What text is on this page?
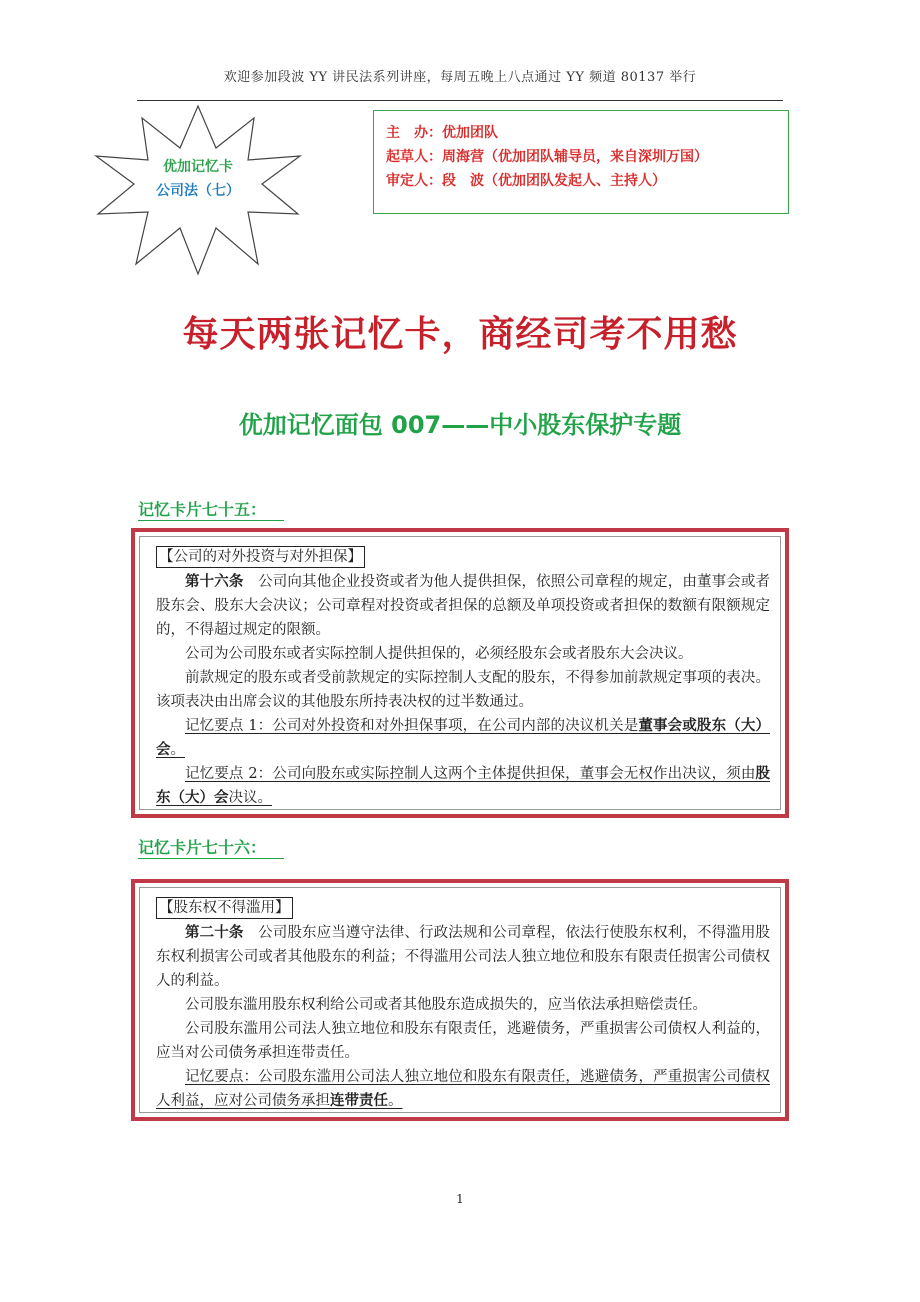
欢迎参加段波 YY 讲民法系列讲座，每周五晚上八点通过 YY 频道 80137 举行
优加记忆卡
公司法（七）
主　办：优加团队
起草人：周海营（优加团队辅导员，来自深圳万国）
审定人：段　波（优加团队发起人、主持人）
每天两张记忆卡，商经司考不用愁
优加记忆面包 007——中小股东保护专题
记忆卡片七十五：
【公司的对外投资与对外担保】

第十六条　公司向其他企业投资或者为他人提供担保，依照公司章程的规定，由董事会或者股东会、股东大会决议；公司章程对投资或者担保的总额及单项投资或者担保的数额有限额规定的，不得超过规定的限额。

公司为公司股东或者实际控制人提供担保的，必须经股东会或者股东大会决议。

前款规定的股东或者受前款规定的实际控制人支配的股东，不得参加前款规定事项的表决。该项表决由出席会议的其他股东所持表决权的过半数通过。

记忆要点 1：公司对外投资和对外担保事项，在公司内部的决议机关是董事会或股东（大）会。

记忆要点 2：公司向股东或实际控制人这两个主体提供担保，董事会无权作出决议，须由股东（大）会决议。

记忆卡片七十六：
【股东权不得滥用】

第二十条　公司股东应当遵守法律、行政法规和公司章程，依法行使股东权利，不得滥用股东权利损害公司或者其他股东的利益；不得滥用公司法人独立地位和股东有限责任损害公司债权人的利益。

公司股东滥用股东权利给公司或者其他股东造成损失的，应当依法承担赔偿责任。

公司股东滥用公司法人独立地位和股东有限责任，逃避债务，严重损害公司债权人利益的，应当对公司债务承担连带责任。

记忆要点：公司股东滥用公司法人独立地位和股东有限责任，逃避债务，严重损害公司债权人利益，应对公司债务承担连带责任。

1
